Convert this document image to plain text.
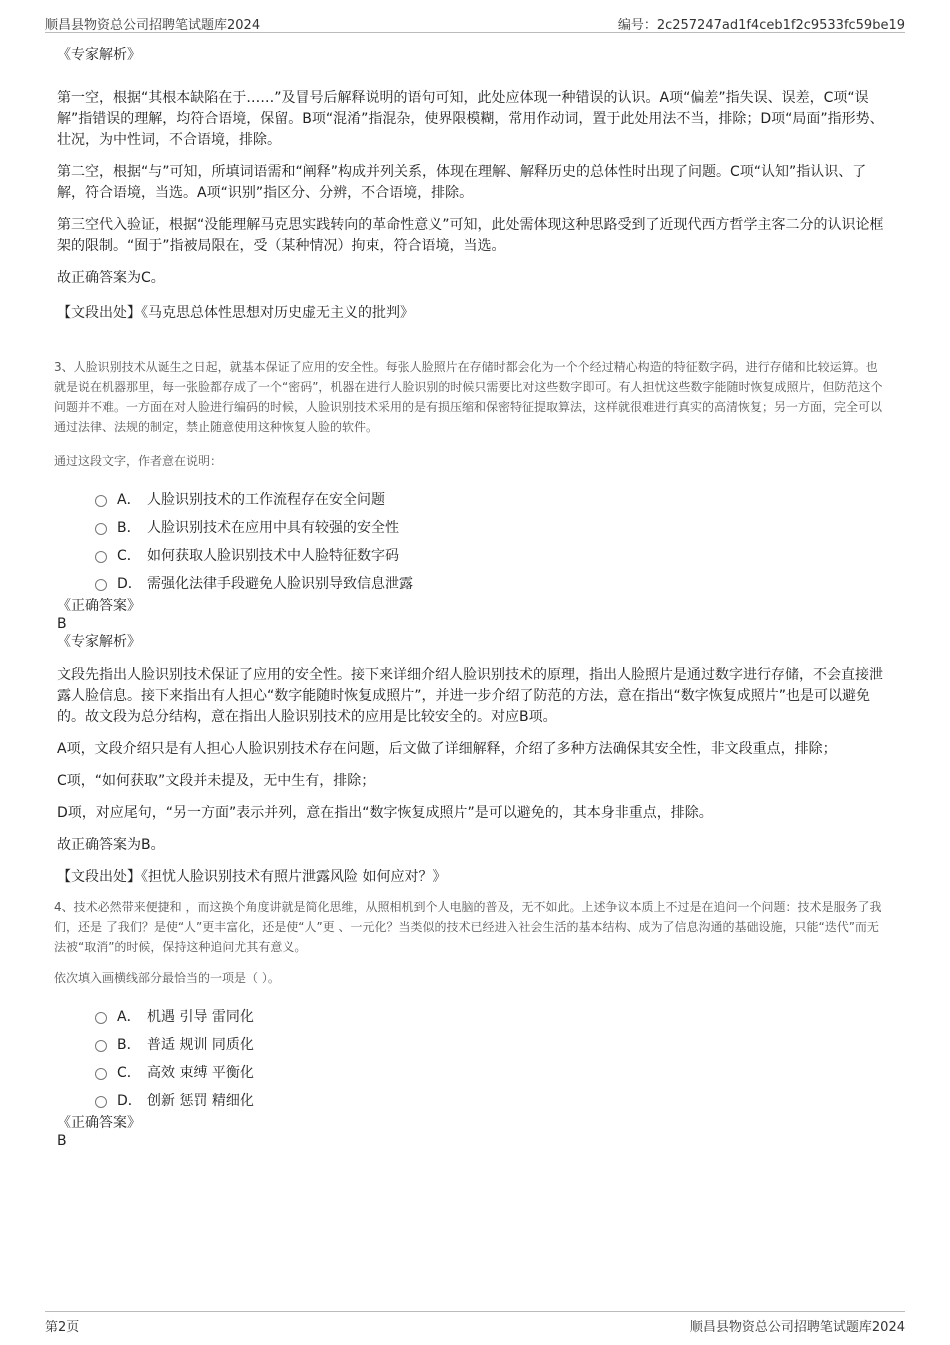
顺昌县物资总公司招聘笔试题库2024	编号：2c257247ad1f4ceb1f2c9533fc59be19

《专家解析》

第一空，根据“其根本缺陷在于……”及冒号后解释说明的语句可知，此处应体现一种错误的认识。A项“偏差”指失误、误差，C项“误解”指错误的理解，均符合语境，保留。B项“混淆”指混杂，使界限模糊，常用作动词，置于此处用法不当，排除；D项“局面”指形势、壮况，为中性词，不合语境，排除。

第二空，根据“与”可知，所填词语需和“阐释”构成并列关系，体现在理解、解释历史的总体性时出现了问题。C项“认知”指认识、了解，符合语境，当选。A项“识别”指区分、分辨，不合语境，排除。

第三空代入验证，根据“没能理解马克思实践转向的革命性意义”可知，此处需体现这种思路受到了近现代西方哲学主客二分的认识论框架的限制。“囿于”指被局限在，受（某种情况）拘束，符合语境，当选。

故正确答案为C。

【文段出处】《马克思总体性思想对历史虚无主义的批判》

3、人脸识别技术从诞生之日起，就基本保证了应用的安全性。每张人脸照片在存储时都会化为一个个经过精心构造的特征数字码，进行存储和比较运算。也就是说在机器那里，每一张脸都存成了一个“密码”，机器在进行人脸识别的时候只需要比对这些数字即可。有人担忧这些数字能随时恢复成照片，但防范这个问题并不难。一方面在对人脸进行编码的时候，人脸识别技术采用的是有损压缩和保密特征提取算法，这样就很难进行真实的高清恢复；另一方面，完全可以通过法律、法规的制定，禁止随意使用这种恢复人脸的软件。

通过这段文字，作者意在说明：

A． 人脸识别技术的工作流程存在安全问题
B． 人脸识别技术在应用中具有较强的安全性
C． 如何获取人脸识别技术中人脸特征数字码
D． 需强化法律手段避免人脸识别导致信息泄露

《正确答案》

B

《专家解析》

文段先指出人脸识别技术保证了应用的安全性。接下来详细介绍人脸识别技术的原理，指出人脸照片是通过数字进行存储，不会直接泄露人脸信息。接下来指出有人担心“数字能随时恢复成照片”，并进一步介绍了防范的方法，意在指出“数字恢复成照片”也是可以避免的。故文段为总分结构，意在指出人脸识别技术的应用是比较安全的。对应B项。

A项，文段介绍只是有人担心人脸识别技术存在问题，后文做了详细解释，介绍了多种方法确保其安全性，非文段重点，排除；

C项，“如何获取”文段并未提及，无中生有，排除；

D项，对应尾句，“另一方面”表示并列，意在指出“数字恢复成照片”是可以避免的，其本身非重点，排除。

故正确答案为B。

【文段出处】《担忧人脸识别技术有照片泄露风险 如何应对？》

4、技术必然带来便捷和 ，而这换个角度讲就是简化思维，从照相机到个人电脑的普及，无不如此。上述争议本质上不过是在追问一个问题：技术是服务了我们，还是 了我们？是使“人”更丰富化，还是使“人”更 、一元化？当类似的技术已经进入社会生活的基本结构、成为了信息沟通的基础设施，只能“迭代”而无法被“取消”的时候，保持这种追问尤其有意义。

依次填入画横线部分最恰当的一项是（ ）。

A． 机遇 引导 雷同化
B． 普适 规训 同质化
C． 高效 束缚 平衡化
D． 创新 惩罚 精细化

《正确答案》

B

第2页	顺昌县物资总公司招聘笔试题库2024
